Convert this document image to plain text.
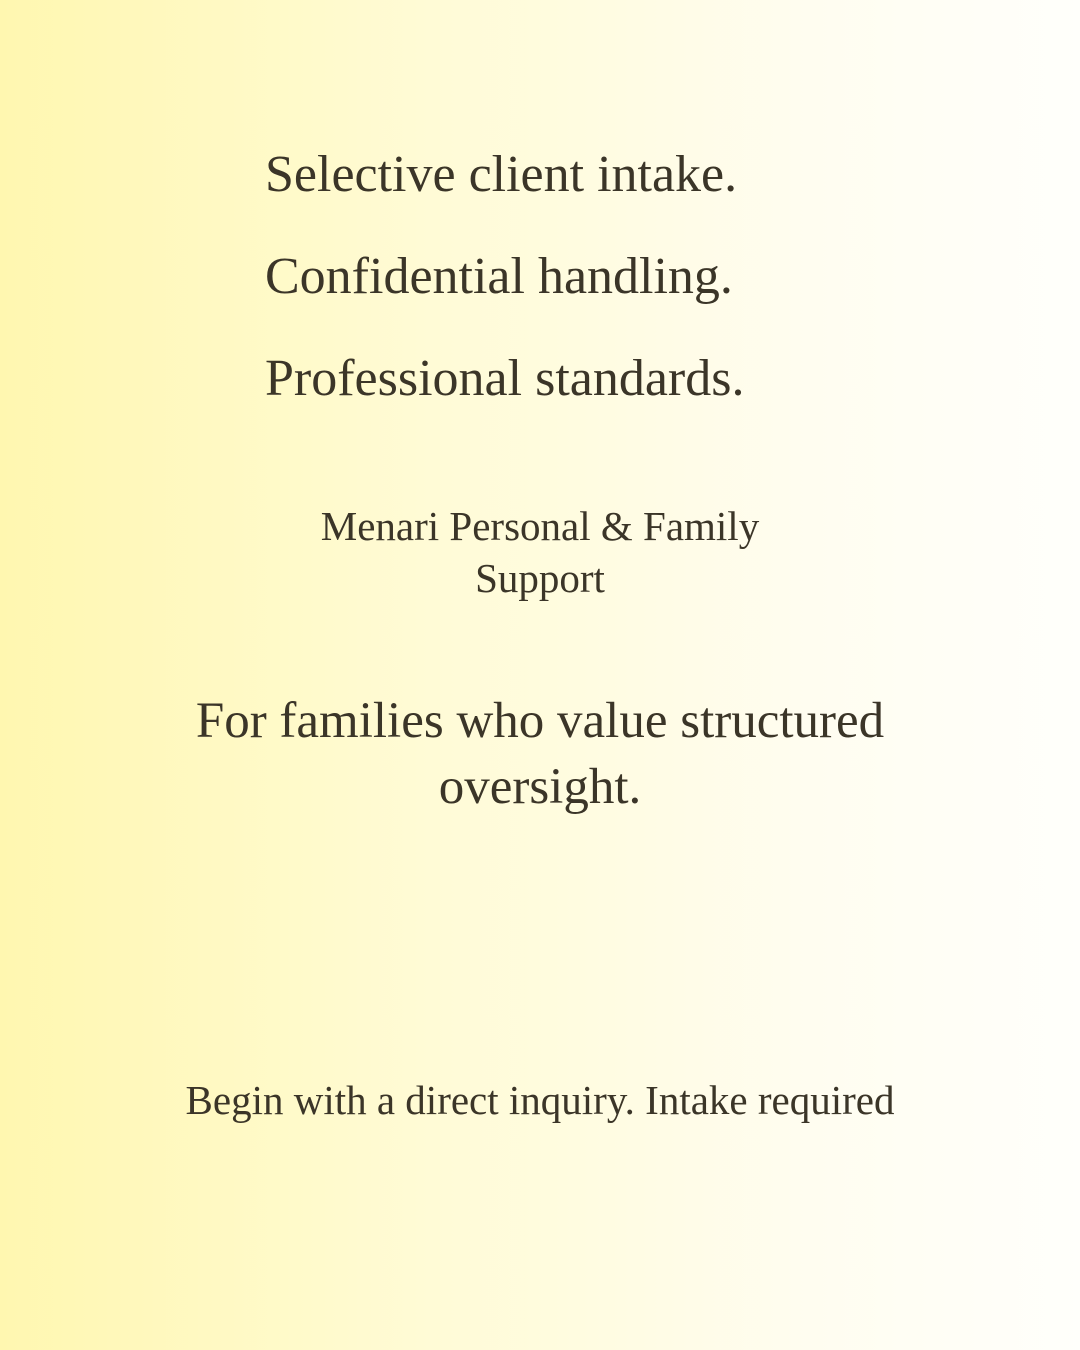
Selective client intake.

Confidential handling.

Professional standards.

Menari Personal & Family
Support

For families who value structured
oversight.

Begin with a direct inquiry. Intake required
